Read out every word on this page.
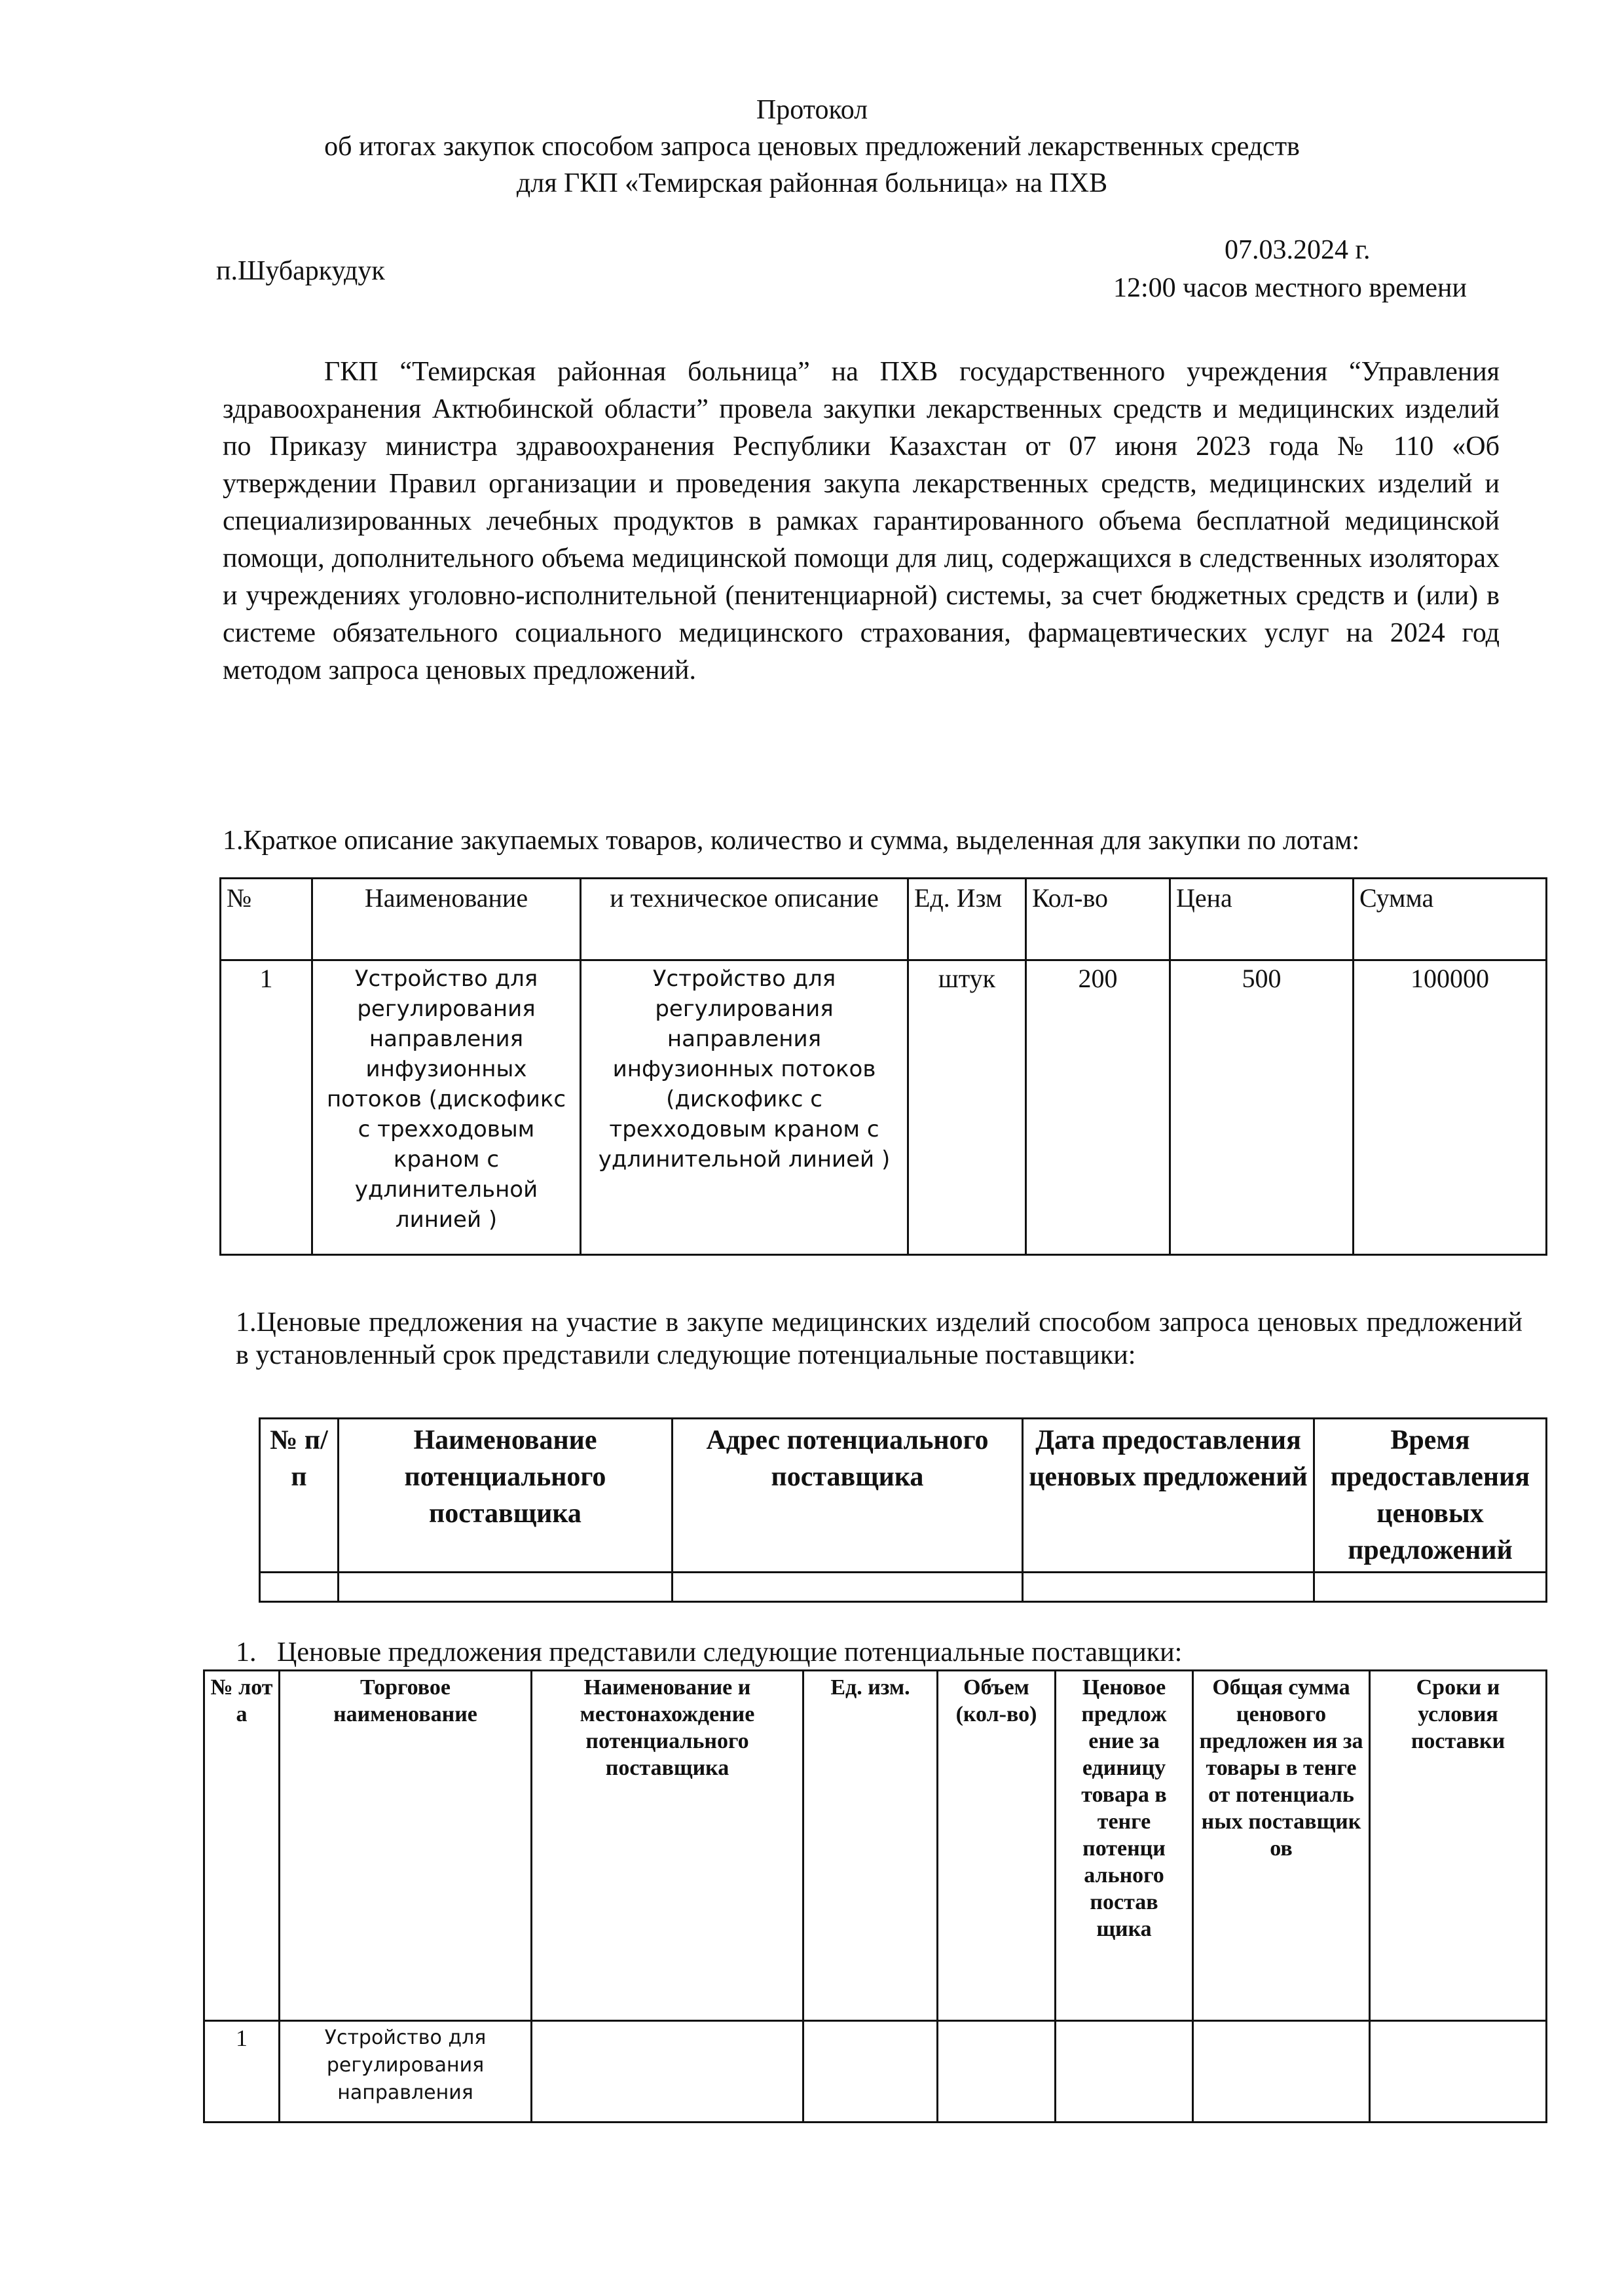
Протокол
об итогах закупок способом запроса ценовых предложений лекарственных средств
для ГКП «Темирская районная больница» на ПХВ
п.Шубаркудук
07.03.2024 г.
12:00 часов местного времени
ГКП “Темирская районная больница” на ПХВ государственного учреждения “Управления здравоохранения Актюбинской области” провела закупки лекарственных средств и медицинских изделий по Приказу министра здравоохранения Республики Казахстан от 07 июня 2023 года № 110 «Об утверждении Правил организации и проведения закупа лекарственных средств, медицинских изделий и специализированных лечебных продуктов в рамках гарантированного объема бесплатной медицинской помощи, дополнительного объема медицинской помощи для лиц, содержащихся в следственных изоляторах и учреждениях уголовно-исполнительной (пенитенциарной) системы, за счет бюджетных средств и (или) в системе обязательного социального медицинского страхования, фармацевтических услуг на 2024 год методом запроса ценовых предложений.
1.Краткое описание закупаемых товаров, количество и сумма, выделенная для закупки по лотам:
№	Наименование	и техническое описание	Ед. Изм	Кол-во	Цена	Сумма
1	Устройство для регулирования направления инфузионных потоков (дискофикс с трехходовым краном с удлинительной линией )	Устройство для регулирования направления инфузионных потоков (дискофикс с трехходовым краном с удлинительной линией )	штук	200	500	100000
1.Ценовые предложения на участие в закупе медицинских изделий способом запроса ценовых предложений в установленный срок представили следующие потенциальные поставщики:
№ п/п	Наименование потенциального поставщика	Адрес потенциального поставщика	Дата предоставления ценовых предложений	Время предоставления ценовых предложений

1.   Ценовые предложения представили следующие потенциальные поставщики:
№ лот а	Торговое наименование	Наименование и местонахождение потенциального поставщика	Ед. изм.	Объем (кол-во)	Ценовое предлож ение за единицу товара в тенге потенци ального постав щика	Общая сумма ценового предложен ия за товары в тенге от потенциаль ных поставщик ов	Сроки и условия поставки
1	Устройство для регулирования направления						
